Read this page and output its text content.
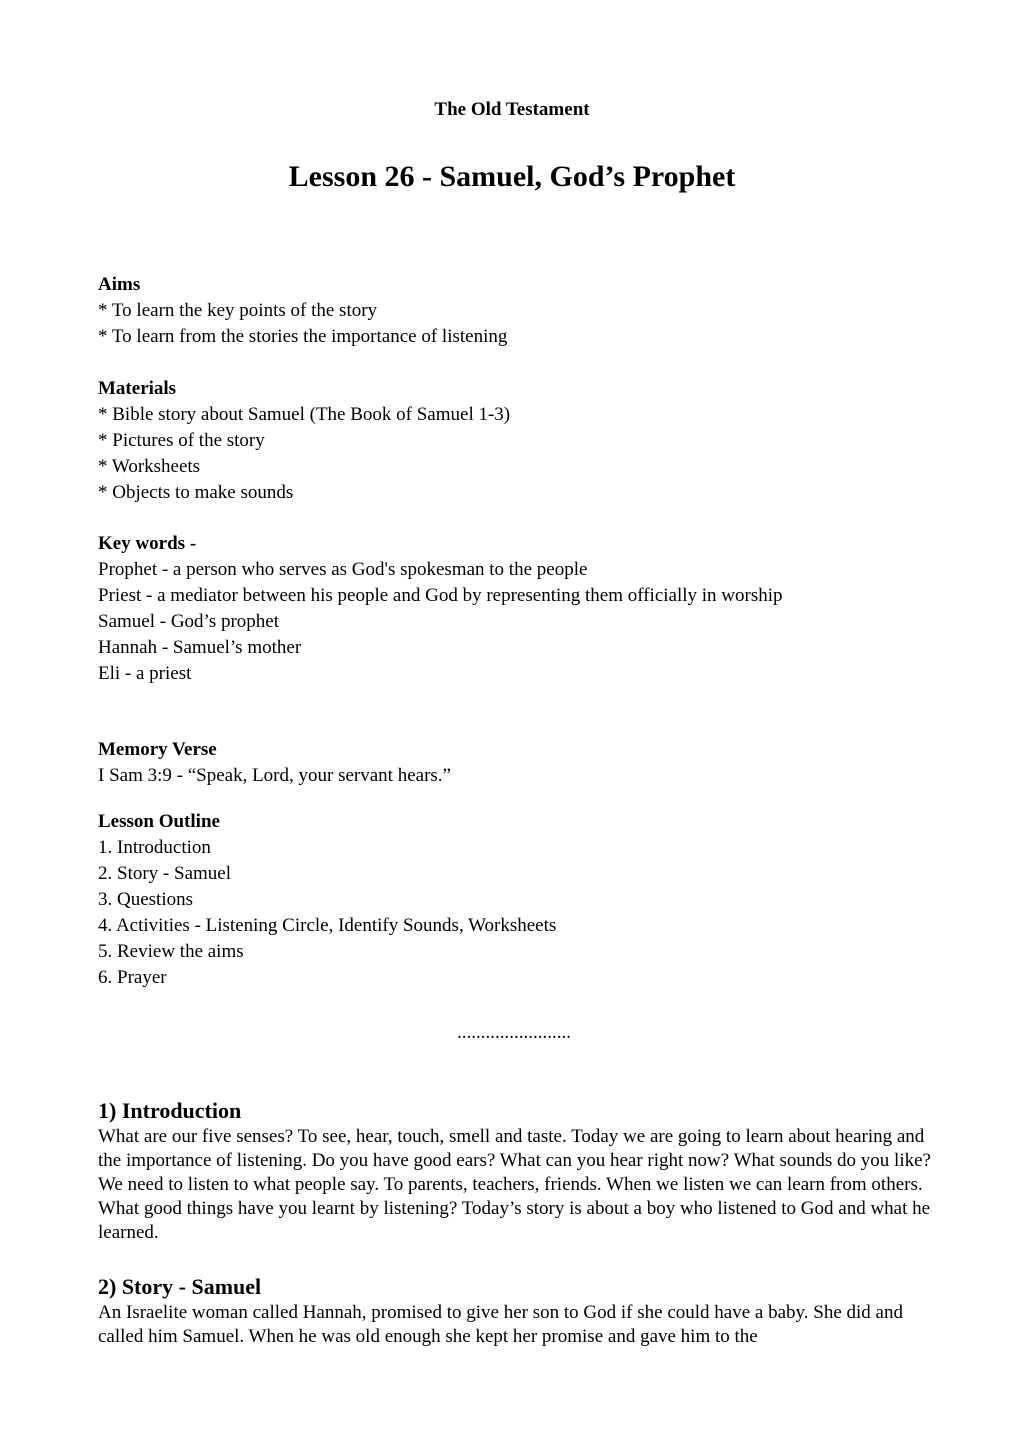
The Old Testament
Lesson 26 - Samuel, God’s Prophet
Aims
* To learn the key points of the story
* To learn from the stories the importance of listening
Materials
* Bible story about Samuel (The Book of Samuel 1-3)
* Pictures of the story
* Worksheets
* Objects to make sounds
Key words -
Prophet - a person who serves as God's spokesman to the people
Priest - a mediator between his people and God by representing them officially in worship
Samuel - God’s prophet
Hannah - Samuel’s mother
Eli - a priest
Memory Verse
I Sam 3:9 - “Speak, Lord, your servant hears.”
Lesson Outline
1. Introduction
2. Story - Samuel
3. Questions
4. Activities - Listening Circle, Identify Sounds, Worksheets
5. Review the aims
6. Prayer
........................
1) Introduction
What are our five senses? To see, hear, touch, smell and taste. Today we are going to learn about hearing and the importance of listening. Do you have good ears? What can you hear right now? What sounds do you like? We need to listen to what people say. To parents, teachers, friends. When we listen we can learn from others. What good things have you learnt by listening? Today’s story is about a boy who listened to God and what he learned.
2) Story - Samuel
An Israelite woman called Hannah, promised to give her son to God if she could have a baby. She did and called him Samuel. When he was old enough she kept her promise and gave him to the
